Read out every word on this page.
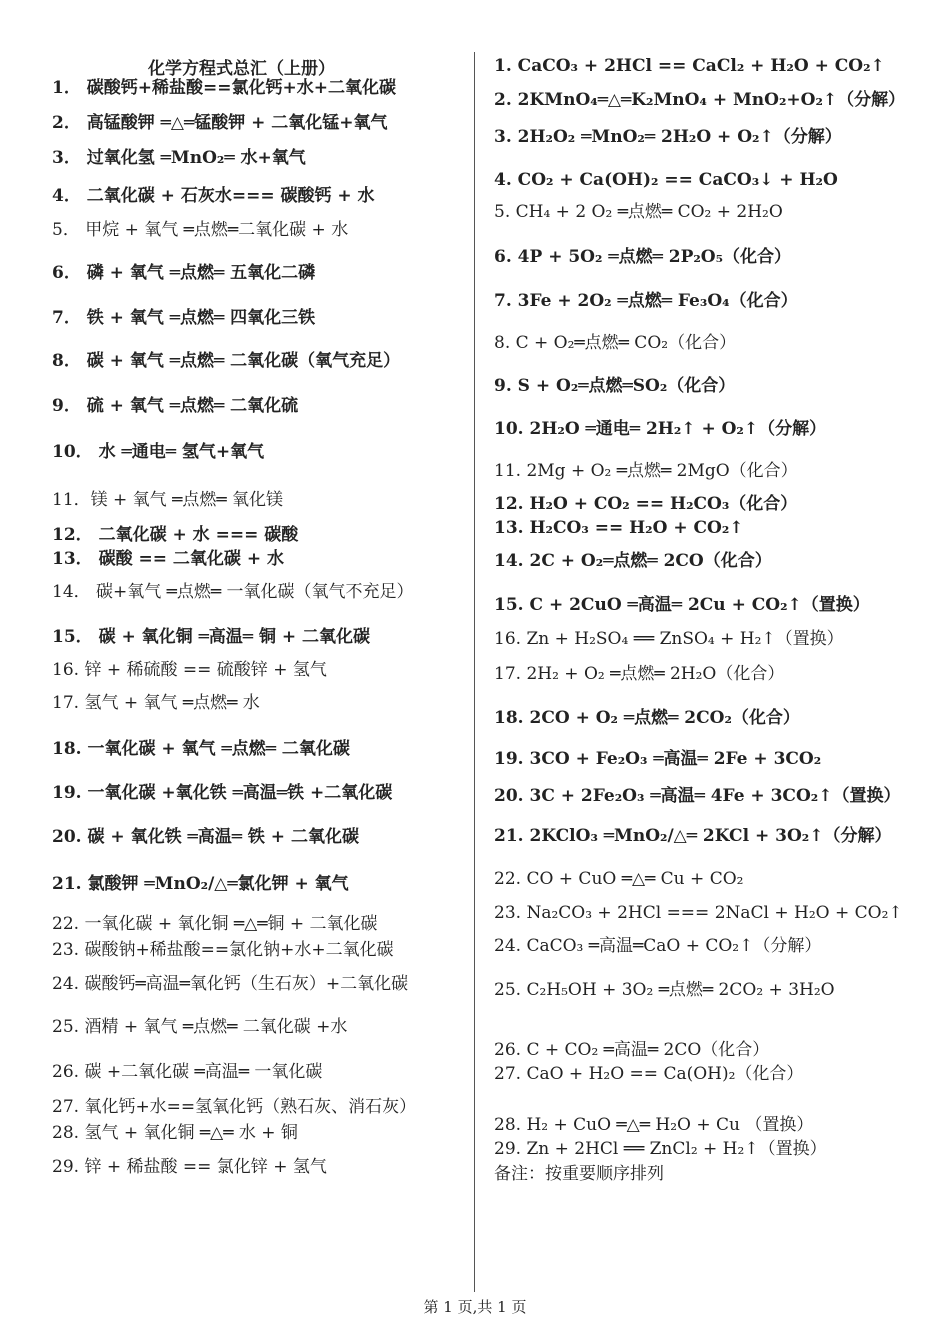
化学方程式总汇（上册）
1． 碳酸钙+稀盐酸==氯化钙+水+二氧化碳
2． 高锰酸钾 ═△═锰酸钾 + 二氧化锰+氧气
3． 过氧化氢 ═MnO₂═ 水+氧气
4． 二氧化碳 + 石灰水=== 碳酸钙 + 水
5． 甲烷 + 氧气 ═点燃═二氧化碳 + 水
6． 磷 + 氧气 ═点燃═ 五氧化二磷
7． 铁 + 氧气 ═点燃═ 四氧化三铁
8． 碳 + 氧气 ═点燃═ 二氧化碳（氧气充足）
9． 硫 + 氧气 ═点燃═ 二氧化硫
10． 水 ═通电═ 氢气+氧气
11．镁 + 氧气 ═点燃═ 氧化镁
12． 二氧化碳 + 水 === 碳酸
13． 碳酸 == 二氧化碳 + 水
14． 碳+氧气 ═点燃═ 一氧化碳（氧气不充足）
15． 碳 + 氧化铜 ═高温═ 铜 + 二氧化碳
16. 锌 + 稀硫酸 == 硫酸锌 + 氢气
17. 氢气 + 氧气 ═点燃═ 水
18. 一氧化碳 + 氧气 ═点燃═ 二氧化碳
19. 一氧化碳 +氧化铁 ═高温═铁 +二氧化碳
20. 碳 + 氧化铁 ═高温═ 铁 + 二氧化碳
21. 氯酸钾 ═MnO₂/△═氯化钾 + 氧气
22. 一氧化碳 + 氧化铜 ═△═铜 + 二氧化碳
23. 碳酸钠+稀盐酸==氯化钠+水+二氧化碳
24. 碳酸钙═高温═氧化钙（生石灰）+二氧化碳
25. 酒精 + 氧气 ═点燃═ 二氧化碳 +水
26. 碳 +二氧化碳 ═高温═ 一氧化碳
27. 氧化钙+水==氢氧化钙（熟石灰、消石灰）
28. 氢气 + 氧化铜 ═△═ 水 + 铜
29. 锌 + 稀盐酸 == 氯化锌 + 氢气
1. CaCO₃ + 2HCl == CaCl₂ + H₂O + CO₂↑
2. 2KMnO₄═△═K₂MnO₄ + MnO₂+O₂↑（分解）
3. 2H₂O₂ ═MnO₂═ 2H₂O + O₂↑（分解）
4. CO₂ + Ca(OH)₂ == CaCO₃↓ + H₂O
5. CH₄ + 2 O₂ ═点燃═ CO₂ + 2H₂O
6. 4P + 5O₂ ═点燃═ 2P₂O₅（化合）
7. 3Fe + 2O₂ ═点燃═ Fe₃O₄（化合）
8. C + O₂═点燃═ CO₂（化合）
9. S + O₂═点燃═SO₂（化合）
10. 2H₂O ═通电═ 2H₂↑ + O₂↑（分解）
11. 2Mg + O₂ ═点燃═ 2MgO（化合）
12. H₂O + CO₂ == H₂CO₃（化合）
13. H₂CO₃ == H₂O + CO₂↑
14. 2C + O₂═点燃═ 2CO（化合）
15. C + 2CuO ═高温═ 2Cu + CO₂↑（置换）
16. Zn + H₂SO₄ ══ ZnSO₄ + H₂↑（置换）
17. 2H₂ + O₂ ═点燃═ 2H₂O（化合）
18. 2CO + O₂ ═点燃═ 2CO₂（化合）
19. 3CO + Fe₂O₃ ═高温═ 2Fe + 3CO₂
20. 3C + 2Fe₂O₃ ═高温═ 4Fe + 3CO₂↑（置换）
21. 2KClO₃ ═MnO₂/△═ 2KCl + 3O₂↑（分解）
22. CO + CuO ═△═ Cu + CO₂
23. Na₂CO₃ + 2HCl === 2NaCl + H₂O + CO₂↑
24. CaCO₃ ═高温═CaO + CO₂↑（分解）
25. C₂H₅OH + 3O₂ ═点燃═ 2CO₂ + 3H₂O
26. C + CO₂ ═高温═ 2CO（化合）
27. CaO + H₂O == Ca(OH)₂（化合）
28. H₂ + CuO ═△═ H₂O + Cu （置换）
29. Zn + 2HCl ══ ZnCl₂ + H₂↑（置换）
备注：按重要顺序排列
第 1 页,共 1 页
